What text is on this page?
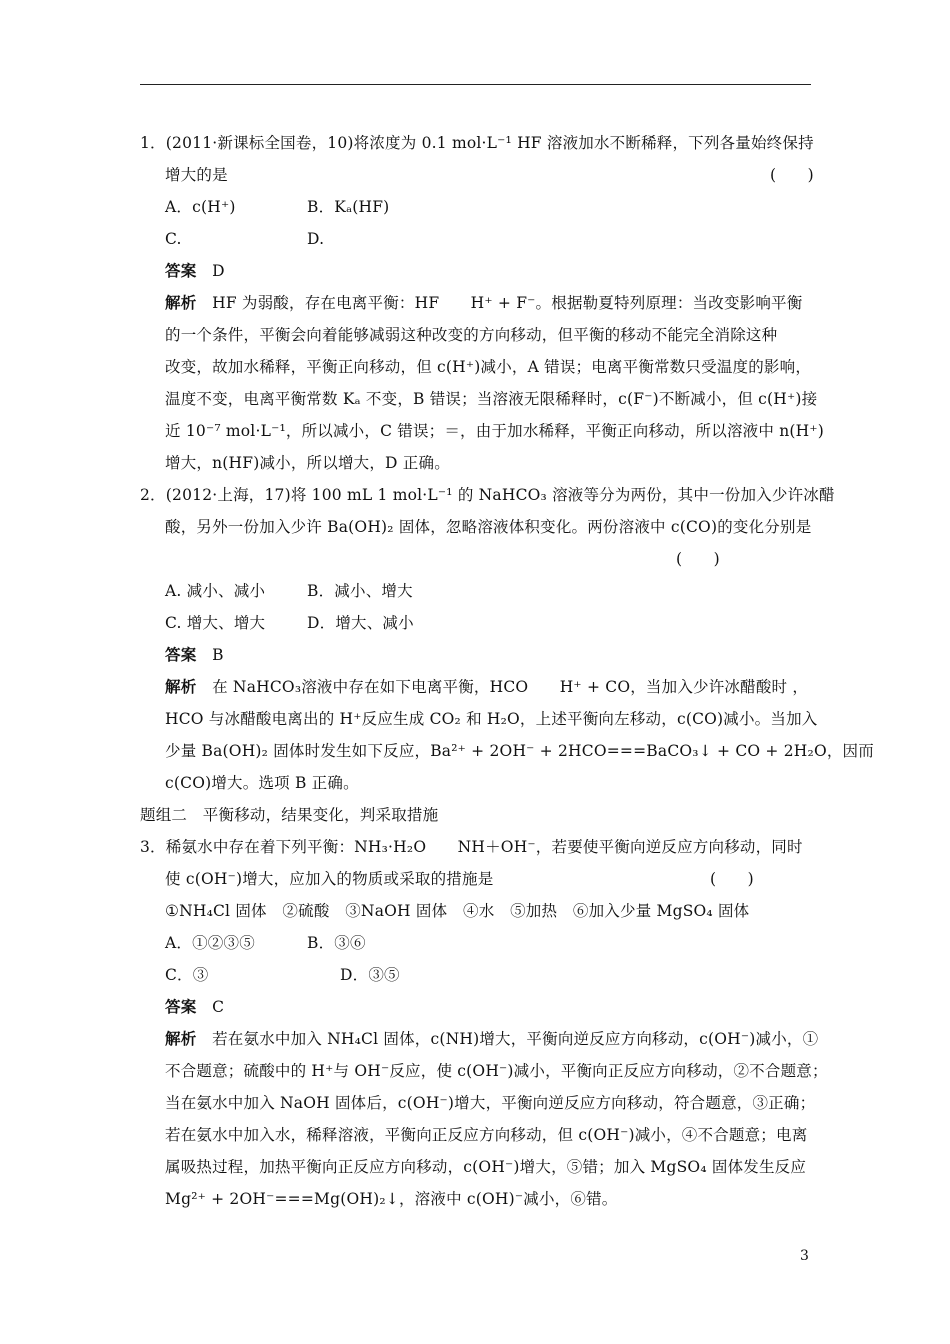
1．(2011·新课标全国卷，10)将浓度为 0.1 mol·L⁻¹ HF 溶液加水不断稀释，下列各量始终保持
增大的是	(　　)
A．c(H⁺)	B．Kₐ(HF)
C.	D.
答案　D
解析　HF 为弱酸，存在电离平衡：HF　　H⁺ + F⁻。根据勒夏特列原理：当改变影响平衡
的一个条件，平衡会向着能够减弱这种改变的方向移动，但平衡的移动不能完全消除这种
改变，故加水稀释，平衡正向移动，但 c(H⁺)减小，A 错误；电离平衡常数只受温度的影响，
温度不变，电离平衡常数 Kₐ 不变，B 错误；当溶液无限稀释时，c(F⁻)不断减小，但 c(H⁺)接
近 10⁻⁷ mol·L⁻¹，所以减小，C 错误；＝，由于加水稀释，平衡正向移动，所以溶液中 n(H⁺)
增大，n(HF)减小，所以增大，D 正确。
2．(2012·上海，17)将 100 mL 1 mol·L⁻¹ 的 NaHCO₃ 溶液等分为两份，其中一份加入少许冰醋
酸，另外一份加入少许 Ba(OH)₂ 固体，忽略溶液体积变化。两份溶液中 c(CO)的变化分别是
(　　)
A. 减小、减小	B．减小、增大
C. 增大、增大	D．增大、减小
答案　B
解析　在 NaHCO₃溶液中存在如下电离平衡，HCO　　H⁺ + CO，当加入少许冰醋酸时 ，
HCO 与冰醋酸电离出的 H⁺反应生成 CO₂ 和 H₂O，上述平衡向左移动，c(CO)减小。当加入
少量 Ba(OH)₂ 固体时发生如下反应，Ba²⁺ + 2OH⁻ + 2HCO===BaCO₃↓ + CO + 2H₂O，因而
c(CO)增大。选项 B 正确。
题组二　平衡移动，结果变化，判采取措施
3．稀氨水中存在着下列平衡：NH₃·H₂O　　NH＋OH⁻，若要使平衡向逆反应方向移动，同时
使 c(OH⁻)增大，应加入的物质或采取的措施是	(　　)
①NH₄Cl 固体　②硫酸　③NaOH 固体　④水　⑤加热　⑥加入少量 MgSO₄ 固体
A．①②③⑤	B．③⑥
C．③	D．③⑤
答案　C
解析　若在氨水中加入 NH₄Cl 固体，c(NH)增大，平衡向逆反应方向移动，c(OH⁻)减小，①
不合题意；硫酸中的 H⁺与 OH⁻反应，使 c(OH⁻)减小，平衡向正反应方向移动，②不合题意；
当在氨水中加入 NaOH 固体后，c(OH⁻)增大，平衡向逆反应方向移动，符合题意，③正确；
若在氨水中加入水，稀释溶液，平衡向正反应方向移动，但 c(OH⁻)减小，④不合题意；电离
属吸热过程，加热平衡向正反应方向移动，c(OH⁻)增大，⑤错；加入 MgSO₄ 固体发生反应
Mg²⁺ + 2OH⁻===Mg(OH)₂↓，溶液中 c(OH)⁻减小，⑥错。
3
